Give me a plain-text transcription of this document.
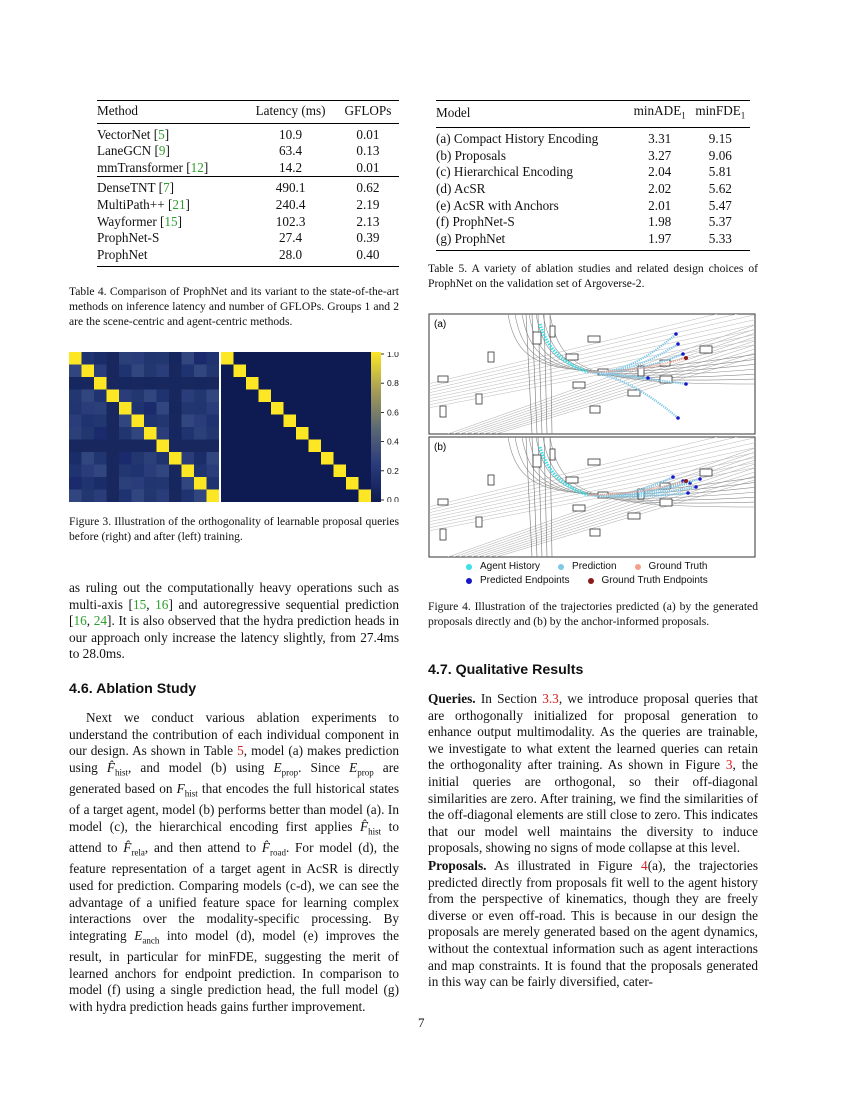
Method	Latency (ms)	GFLOPs
VectorNet [5]	10.9	0.01
LaneGCN [9]	63.4	0.13
mmTransformer [12]	14.2	0.01
DenseTNT [7]	490.1	0.62
MultiPath++ [21]	240.4	2.19
Wayformer [15]	102.3	2.13
ProphNet-S	27.4	0.39
ProphNet	28.0	0.40
Table 4. Comparison of ProphNet and its variant to the state-of-the-art methods on inference latency and number of GFLOPs. Groups 1 and 2 are the scene-centric and agent-centric methods.
1.0
0.8
0.6
0.4
0.2
0.0
Figure 3. Illustration of the orthogonality of learnable proposal queries before (right) and after (left) training.
as ruling out the computationally heavy operations such as multi-axis [15, 16] and autoregressive sequential prediction [16, 24]. It is also observed that the hydra prediction heads in our approach only increase the latency slightly, from 27.4ms to 28.0ms.
4.6. Ablation Study
Next we conduct various ablation experiments to understand the contribution of each individual component in our design. As shown in Table 5, model (a) makes prediction using $F̂_{hist}$, and model (b) using $E_{prop}$. Since $E_{prop}$ are generated based on $F_{hist}$ that encodes the full historical states of a target agent, model (b) performs better than model (a). In model (c), the hierarchical encoding first applies $F̂_{hist}$ to attend to $F̂_{rela}$, and then attend to $F̂_{road}$. For model (d), the feature representation of a target agent in AcSR is directly used for prediction. Comparing models (c-d), we can see the advantage of a unified feature space for learning complex interactions over the modality-specific processing. By integrating $E_{anch}$ into model (d), model (e) improves the result, in particular for minFDE, suggesting the merit of learned anchors for endpoint prediction. In comparison to model (f) using a single prediction head, the full model (g) with hydra prediction heads gains further improvement.
Model	minADE$_1$	minFDE$_1$
(a) Compact History Encoding	3.31	9.15
(b) Proposals	3.27	9.06
(c) Hierarchical Encoding	2.04	5.81
(d) AcSR	2.02	5.62
(e) AcSR with Anchors	2.01	5.47
(f) ProphNet-S	1.98	5.37
(g) ProphNet	1.97	5.33
Table 5. A variety of ablation studies and related design choices of ProphNet on the validation set of Argoverse-2.
(a)
(b)
Agent History	Prediction	Ground Truth
Predicted Endpoints	Ground Truth Endpoints
Figure 4. Illustration of the trajectories predicted (a) by the generated proposals directly and (b) by the anchor-informed proposals.
4.7. Qualitative Results
Queries. In Section 3.3, we introduce proposal queries that are orthogonally initialized for proposal generation to enhance output multimodality. As the queries are trainable, we investigate to what extent the learned queries can retain the orthogonality after training. As shown in Figure 3, the initial queries are orthogonal, so their off-diagonal similarities are zero. After training, we find the similarities of the off-diagonal elements are still close to zero. This indicates that our model well maintains the diversity to induce proposals, showing no signs of mode collapse at this level.
Proposals. As illustrated in Figure 4(a), the trajectories predicted directly from proposals fit well to the agent history from the perspective of kinematics, though they are freely diverse or even off-road. This is because in our design the proposals are merely generated based on the agent dynamics, without the contextual information such as agent interactions and map constraints. It is found that the proposals generated in this way can be fairly diversified, cater-
7
